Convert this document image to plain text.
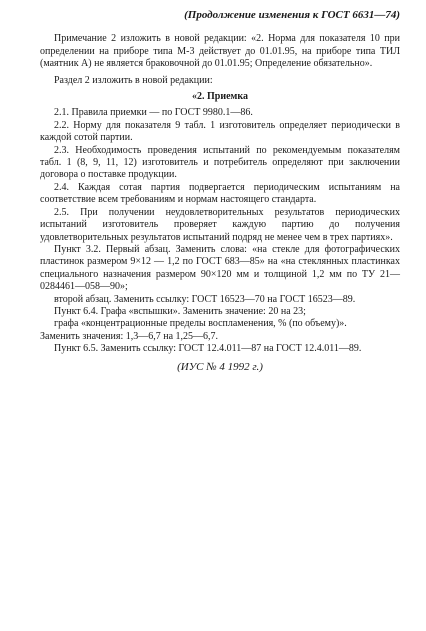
(Продолжение изменения к ГОСТ 6631—74)

Примечание 2 изложить в новой редакции: «2. Норма для показателя 10 при определении на приборе типа М-3 действует до 01.01.95, на приборе типа ТИЛ (маятник А) не является браковочной до 01.01.95; Определение обязательно».

Раздел 2 изложить в новой редакции:

«2. Приемка

2.1. Правила приемки — по ГОСТ 9980.1—86.

2.2. Норму для показателя 9 табл. 1 изготовитель определяет периодически в каждой сотой партии.

2.3. Необходимость проведения испытаний по рекомендуемым показателям табл. 1 (8, 9, 11, 12) изготовитель и потребитель определяют при заключении договора о поставке продукции.

2.4. Каждая сотая партия подвергается периодическим испытаниям на соответствие всем требованиям и нормам настоящего стандарта.

2.5. При получении неудовлетворительных результатов периодических испытаний изготовитель проверяет каждую партию до получения удовлетворительных результатов испытаний подряд не менее чем в трех партиях».

Пункт 3.2. Первый абзац. Заменить слова: «на стекле для фотографических пластинок размером 9×12 — 1,2 по ГОСТ 683—85» на «на стеклянных пластинках специального назначения размером 90×120 мм и толщиной 1,2 мм по ТУ 21—0284461—058—90»;

второй абзац. Заменить ссылку: ГОСТ 16523—70 на ГОСТ 16523—89.

Пункт 6.4. Графа «вспышки». Заменить значение: 20 на 23;

графа «концентрационные пределы воспламенения, % (по объему)».

Заменить значения: 1,3—6,7 на 1,25—6,7.

Пункт 6.5. Заменить ссылку: ГОСТ 12.4.011—87 на ГОСТ 12.4.011—89.

(ИУС № 4 1992 г.)
